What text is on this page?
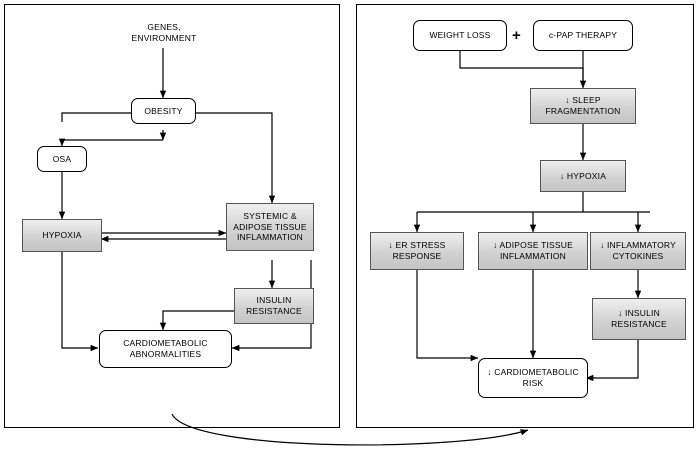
GENES,
ENVIRONMENT
OBESITY
OSA
HYPOXIA
SYSTEMIC &
ADIPOSE TISSUE
INFLAMMATION
INSULIN
RESISTANCE
CARDIOMETABOLIC
ABNORMALITIES
WEIGHT LOSS +	c-PAP THERAPY
↓ SLEEP
FRAGMENTATION
↓ HYPOXIA
↓ ER STRESS
RESPONSE
↓ ADIPOSE TISSUE
INFLAMMATION
↓ INFLAMMATORY
CYTOKINES
↓ INSULIN
RESISTANCE
↓ CARDIOMETABOLIC
RISK
